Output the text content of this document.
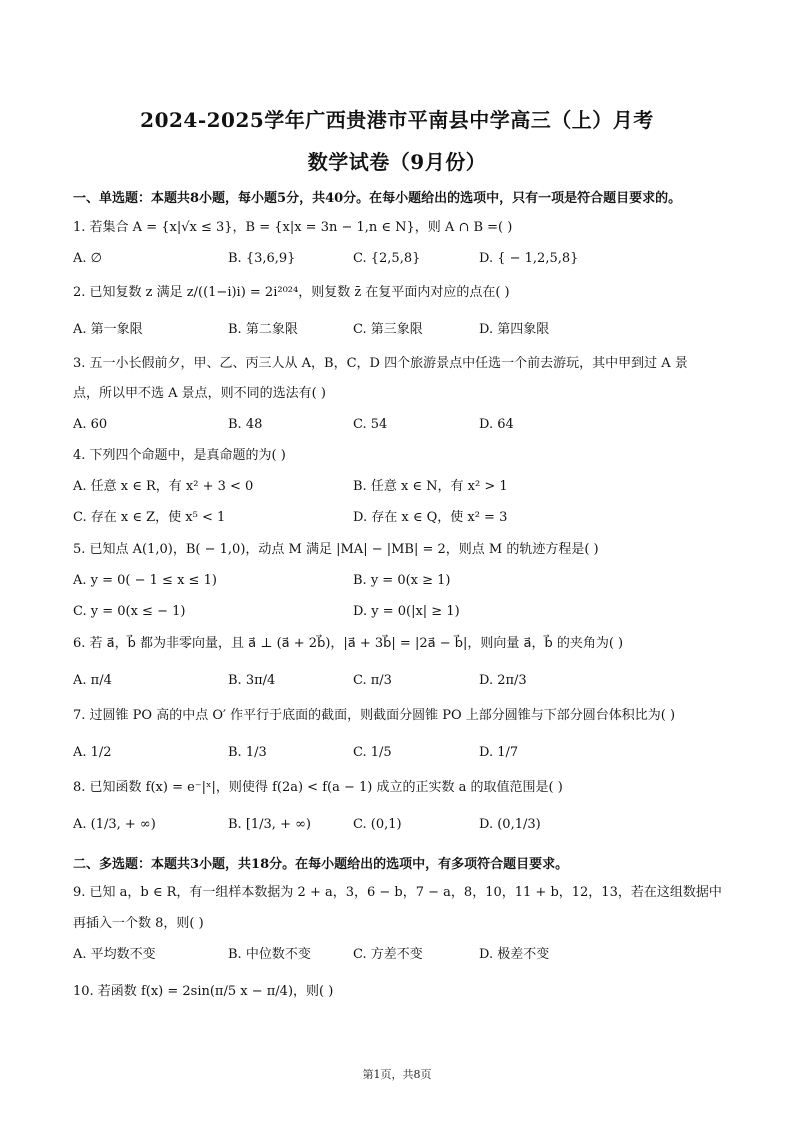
2024-2025学年广西贵港市平南县中学高三（上）月考
数学试卷（9月份）
一、单选题：本题共8小题，每小题5分，共40分。在每小题给出的选项中，只有一项是符合题目要求的。
1. 若集合 A = {x|√x ≤ 3}，B = {x|x = 3n − 1,n ∈ N}，则 A ∩ B =( )
A. ∅	B. {3,6,9}	C. {2,5,8}	D. { − 1,2,5,8}
2. 已知复数 z 满足 z/((1−i)i) = 2i²⁰²⁴，则复数 z̄ 在复平面内对应的点在( )
A. 第一象限	B. 第二象限	C. 第三象限	D. 第四象限
3. 五一小长假前夕，甲、乙、丙三人从 A，B，C，D 四个旅游景点中任选一个前去游玩，其中甲到过 A 景
点，所以甲不选 A 景点，则不同的选法有( )
A. 60	B. 48	C. 54	D. 64
4. 下列四个命题中，是真命题的为( )
A. 任意 x ∈ R，有 x² + 3 < 0	B. 任意 x ∈ N，有 x² > 1
C. 存在 x ∈ Z，使 x⁵ < 1	D. 存在 x ∈ Q，使 x² = 3
5. 已知点 A(1,0)，B( − 1,0)，动点 M 满足 |MA| − |MB| = 2，则点 M 的轨迹方程是( )
A. y = 0( − 1 ≤ x ≤ 1)	B. y = 0(x ≥ 1)
C. y = 0(x ≤ − 1)	D. y = 0(|x| ≥ 1)
6. 若 a⃗，b⃗ 都为非零向量，且 a⃗ ⊥ (a⃗ + 2b⃗)，|a⃗ + 3b⃗| = |2a⃗ − b⃗|，则向量 a⃗，b⃗ 的夹角为( )
A. π/4	B. 3π/4	C. π/3	D. 2π/3
7. 过圆锥 PO 高的中点 O′ 作平行于底面的截面，则截面分圆锥 PO 上部分圆锥与下部分圆台体积比为( )
A. 1/2	B. 1/3	C. 1/5	D. 1/7
8. 已知函数 f(x) = e⁻|ˣ|，则使得 f(2a) < f(a − 1) 成立的正实数 a 的取值范围是( )
A. (1/3, + ∞)	B. [1/3, + ∞)	C. (0,1)	D. (0,1/3)
二、多选题：本题共3小题，共18分。在每小题给出的选项中，有多项符合题目要求。
9. 已知 a，b ∈ R，有一组样本数据为 2 + a，3，6 − b，7 − a，8，10，11 + b，12，13，若在这组数据中
再插入一个数 8，则( )
A. 平均数不变	B. 中位数不变	C. 方差不变	D. 极差不变
10. 若函数 f(x) = 2sin(π/5 x − π/4)，则( )
第1页，共8页
